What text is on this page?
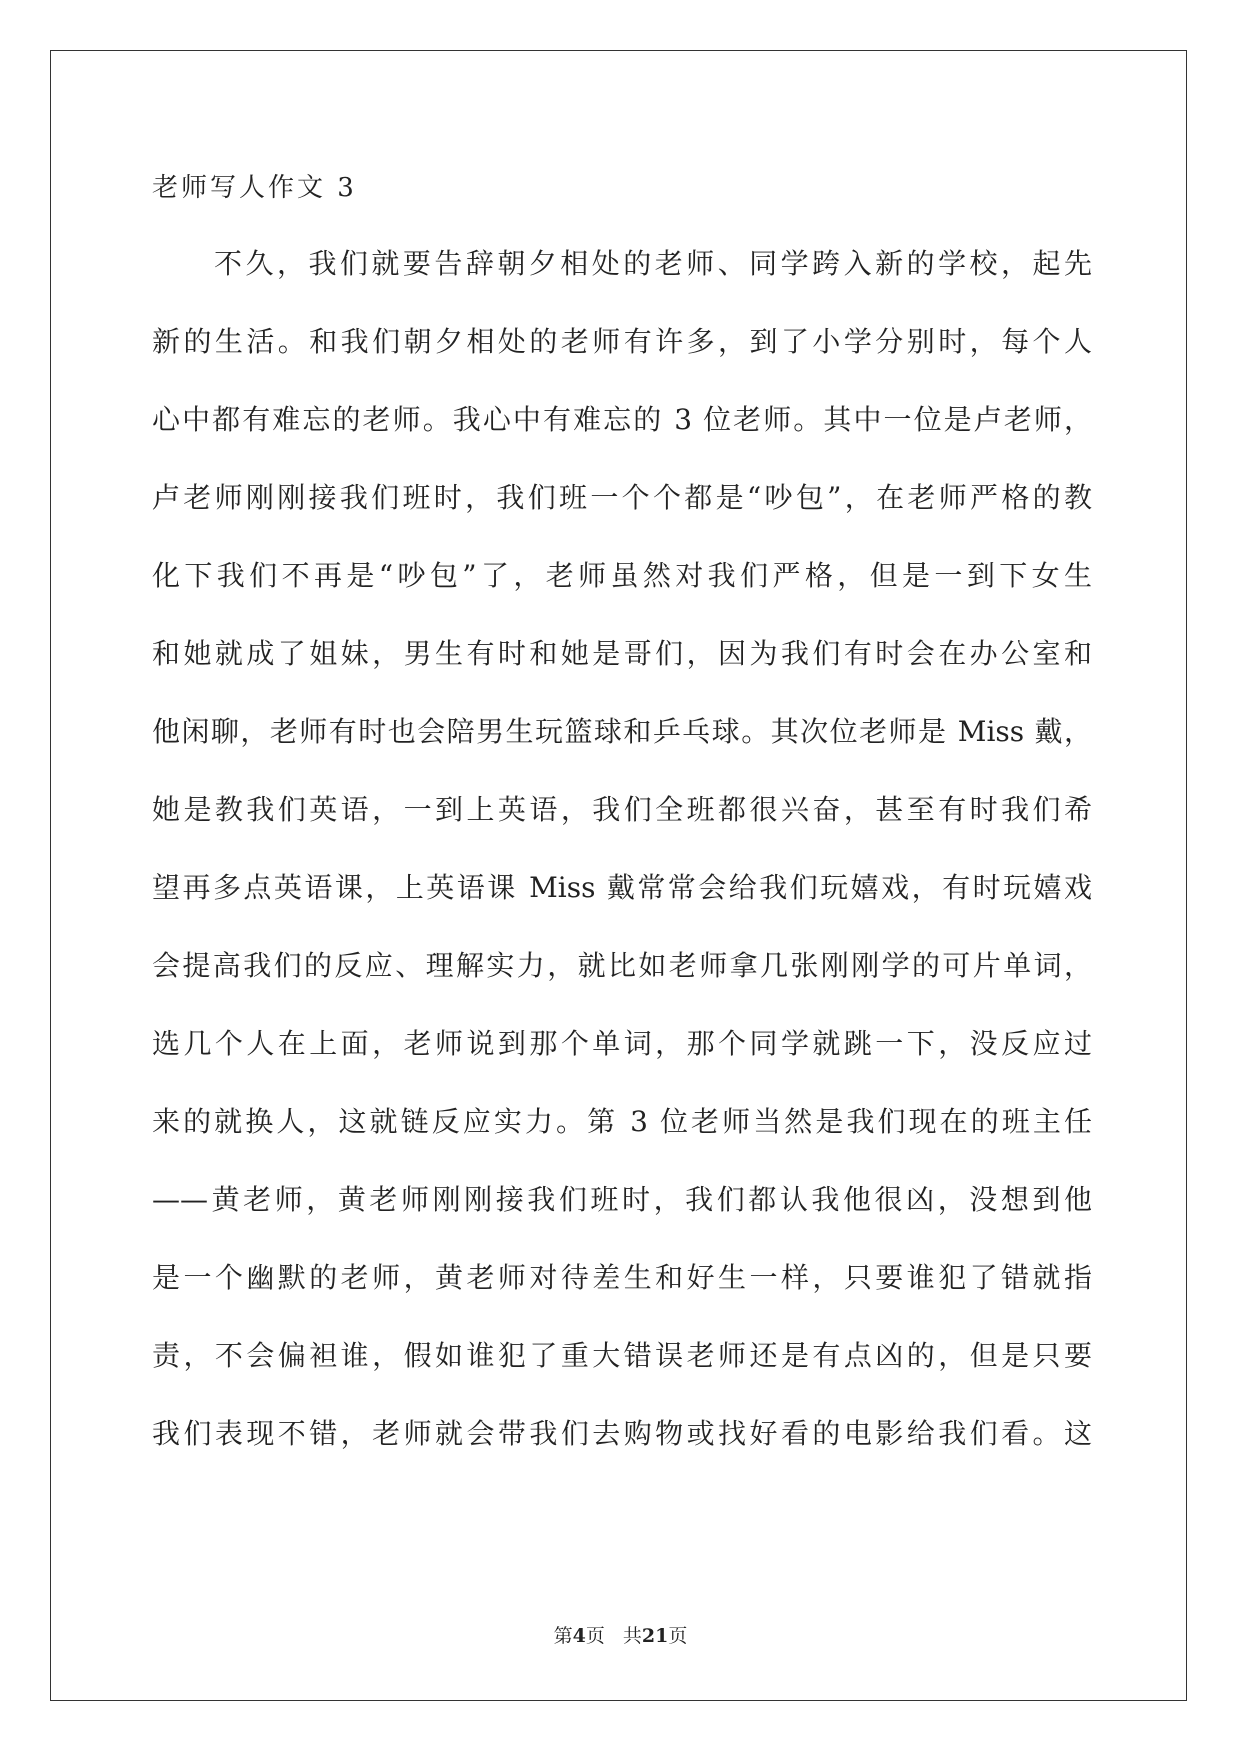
老师写人作文 3
不久，我们就要告辞朝夕相处的老师、同学跨入新的学校，起先
新的生活。和我们朝夕相处的老师有许多，到了小学分别时，每个人
心中都有难忘的老师。我心中有难忘的 3 位老师。其中一位是卢老师，
卢老师刚刚接我们班时，我们班一个个都是“吵包”，在老师严格的教
化下我们不再是“吵包”了，老师虽然对我们严格，但是一到下女生
和她就成了姐妹，男生有时和她是哥们，因为我们有时会在办公室和
他闲聊，老师有时也会陪男生玩篮球和乒乓球。其次位老师是 Miss 戴，
她是教我们英语，一到上英语，我们全班都很兴奋，甚至有时我们希
望再多点英语课，上英语课 Miss 戴常常会给我们玩嬉戏，有时玩嬉戏
会提高我们的反应、理解实力，就比如老师拿几张刚刚学的可片单词，
选几个人在上面，老师说到那个单词，那个同学就跳一下，没反应过
来的就换人，这就链反应实力。第 3 位老师当然是我们现在的班主任
——黄老师，黄老师刚刚接我们班时，我们都认我他很凶，没想到他
是一个幽默的老师，黄老师对待差生和好生一样，只要谁犯了错就指
责，不会偏袒谁，假如谁犯了重大错误老师还是有点凶的，但是只要
我们表现不错，老师就会带我们去购物或找好看的电影给我们看。这
第4页 共21页
